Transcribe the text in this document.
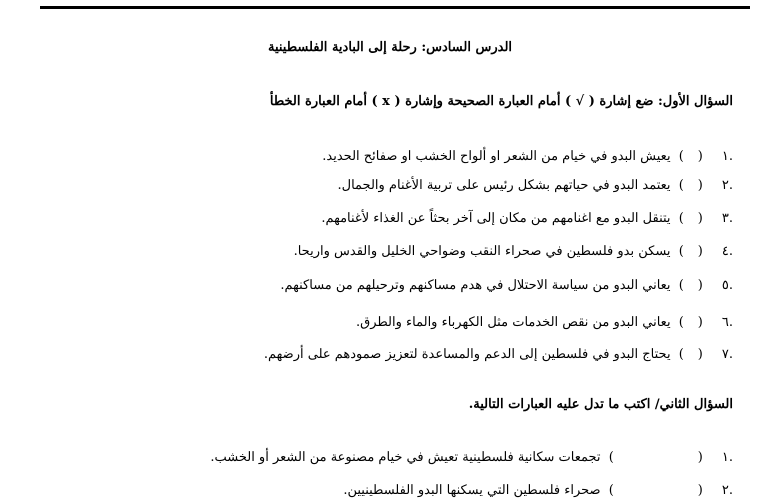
الدرس السادس: رحلة إلى البادية الفلسطينية
السؤال الأول: ضع إشارة ( √ ) أمام العبارة الصحيحة وإشارة ( x ) أمام العبارة الخطأ
.١ () يعيش البدو في خيام من الشعر او ألواح الخشب او صفائح الحديد.
.٢ () يعتمد البدو في حياتهم بشكل رئيس على تربية الأغنام والجمال.
.٣ () يتنقل البدو مع اغنامهم من مكان إلى آخر بحثاً عن الغذاء لأغنامهم.
.٤ () يسكن بدو فلسطين في صحراء النقب وضواحي الخليل والقدس واريحا.
.٥ () يعاني البدو من سياسة الاحتلال في هدم مساكنهم وترحيلهم من مساكنهم.
.٦ () يعاني البدو من نقص الخدمات مثل الكهرباء والماء والطرق.
.٧ () يحتاج البدو في فلسطين إلى الدعم والمساعدة لتعزيز صمودهم على أرضهم.
السؤال الثاني/ اكتب ما تدل عليه العبارات التالية.
.١ () تجمعات سكانية فلسطينية تعيش في خيام مصنوعة من الشعر أو الخشب.
.٢ () صحراء فلسطين التي يسكنها البدو الفلسطينيين.
